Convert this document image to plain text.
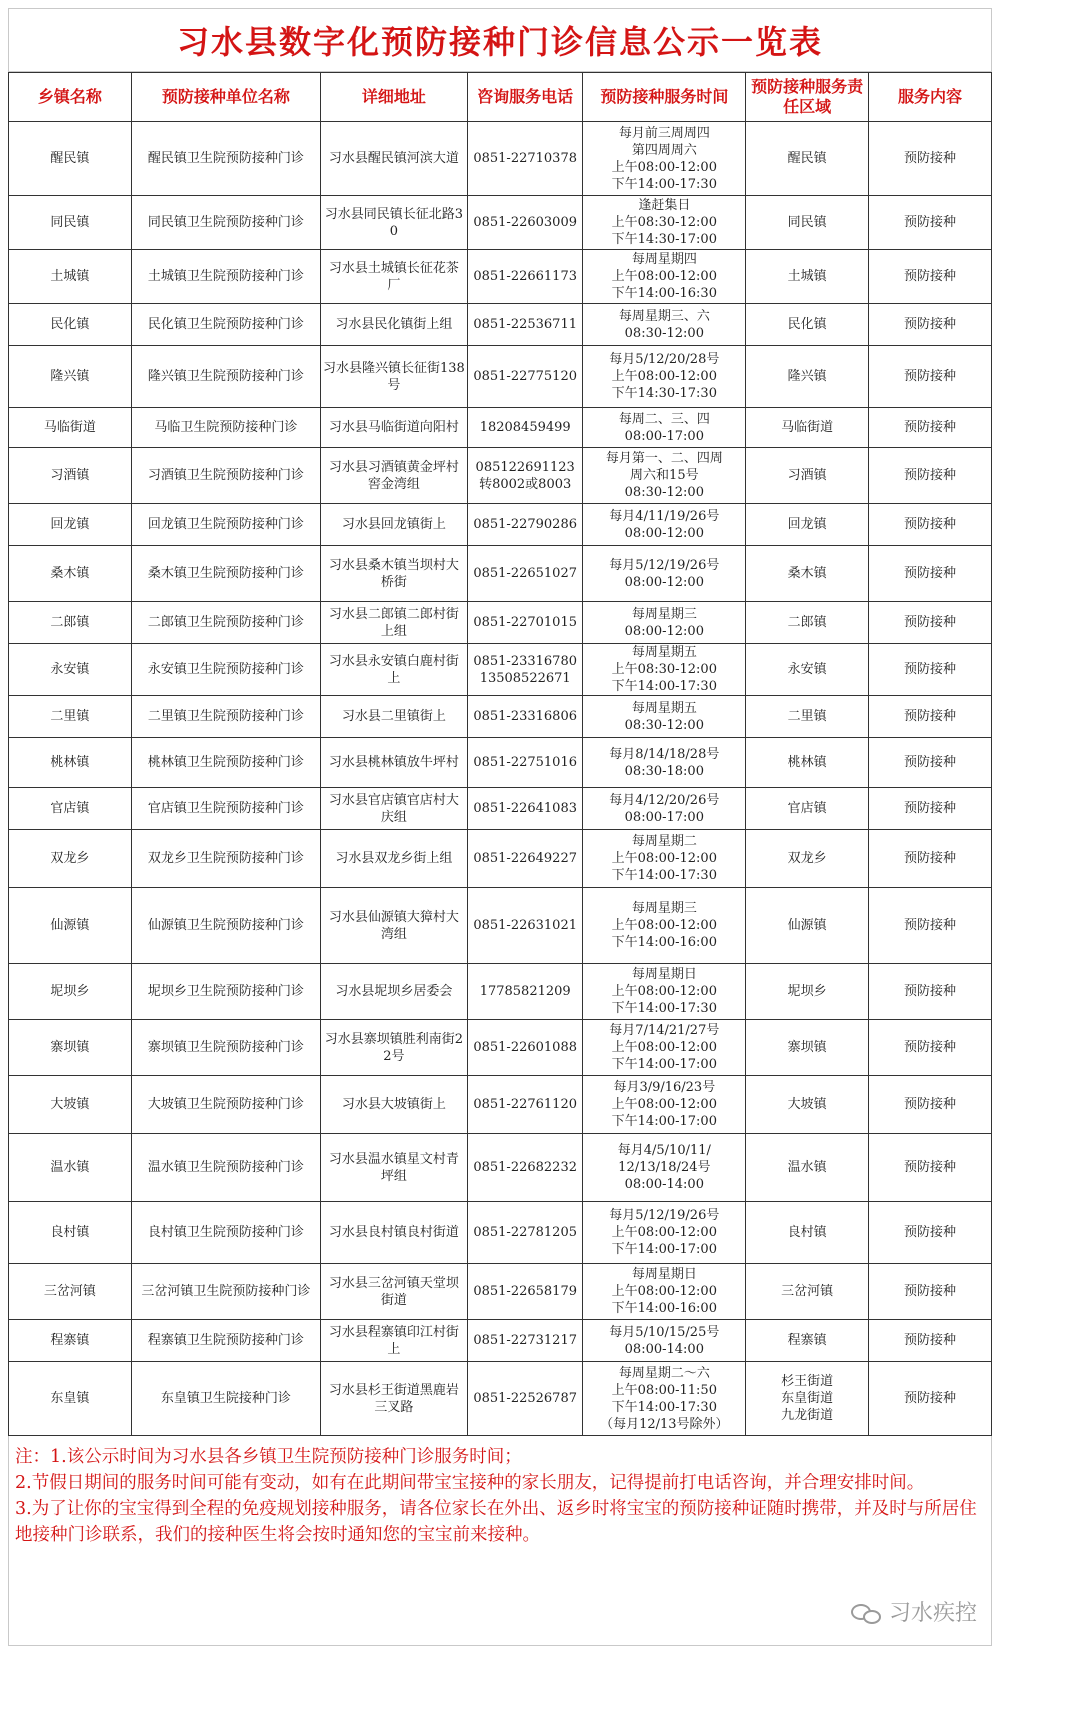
习水县数字化预防接种门诊信息公示一览表
乡镇名称	预防接种单位名称	详细地址	咨询服务电话	预防接种服务时间	预防接种服务责任区域	服务内容
醒民镇	醒民镇卫生院预防接种门诊	习水县醒民镇河滨大道	0851-22710378	每月前三周周四
第四周周六
上午08:00-12:00
下午14:00-17:30	醒民镇	预防接种
同民镇	同民镇卫生院预防接种门诊	习水县同民镇长征北路30	0851-22603009	逢赶集日
上午08:30-12:00
下午14:30-17:00	同民镇	预防接种
土城镇	土城镇卫生院预防接种门诊	习水县土城镇长征花茶厂	0851-22661173	每周星期四
上午08:00-12:00
下午14:00-16:30	土城镇	预防接种
民化镇	民化镇卫生院预防接种门诊	习水县民化镇街上组	0851-22536711	每周星期三、六
08:30-12:00	民化镇	预防接种
隆兴镇	隆兴镇卫生院预防接种门诊	习水县隆兴镇长征街138号	0851-22775120	每月5/12/20/28号
上午08:00-12:00
下午14:30-17:30	隆兴镇	预防接种
马临街道	马临卫生院预防接种门诊	习水县马临街道向阳村	18208459499	每周二、三、四
08:00-17:00	马临街道	预防接种
习酒镇	习酒镇卫生院预防接种门诊	习水县习酒镇黄金坪村窖金湾组	085122691123转8002或8003	每月第一、二、四周
周六和15号
08:30-12:00	习酒镇	预防接种
回龙镇	回龙镇卫生院预防接种门诊	习水县回龙镇街上	0851-22790286	每月4/11/19/26号
08:00-12:00	回龙镇	预防接种
桑木镇	桑木镇卫生院预防接种门诊	习水县桑木镇当坝村大桥街	0851-22651027	每月5/12/19/26号
08:00-12:00	桑木镇	预防接种
二郎镇	二郎镇卫生院预防接种门诊	习水县二郎镇二郎村街上组	0851-22701015	每周星期三
08:00-12:00	二郎镇	预防接种
永安镇	永安镇卫生院预防接种门诊	习水县永安镇白鹿村街上	0851-23316780 13508522671	每周星期五
上午08:30-12:00
下午14:00-17:30	永安镇	预防接种
二里镇	二里镇卫生院预防接种门诊	习水县二里镇街上	0851-23316806	每周星期五
08:30-12:00	二里镇	预防接种
桃林镇	桃林镇卫生院预防接种门诊	习水县桃林镇放牛坪村	0851-22751016	每月8/14/18/28号
08:30-18:00	桃林镇	预防接种
官店镇	官店镇卫生院预防接种门诊	习水县官店镇官店村大庆组	0851-22641083	每月4/12/20/26号
08:00-17:00	官店镇	预防接种
双龙乡	双龙乡卫生院预防接种门诊	习水县双龙乡街上组	0851-22649227	每周星期二
上午08:00-12:00
下午14:00-17:30	双龙乡	预防接种
仙源镇	仙源镇卫生院预防接种门诊	习水县仙源镇大獐村大湾组	0851-22631021	每周星期三
上午08:00-12:00
下午14:00-16:00	仙源镇	预防接种
坭坝乡	坭坝乡卫生院预防接种门诊	习水县坭坝乡居委会	17785821209	每周星期日
上午08:00-12:00
下午14:00-17:30	坭坝乡	预防接种
寨坝镇	寨坝镇卫生院预防接种门诊	习水县寨坝镇胜利南街22号	0851-22601088	每月7/14/21/27号
上午08:00-12:00
下午14:00-17:00	寨坝镇	预防接种
大坡镇	大坡镇卫生院预防接种门诊	习水县大坡镇街上	0851-22761120	每月3/9/16/23号
上午08:00-12:00
下午14:00-17:00	大坡镇	预防接种
温水镇	温水镇卫生院预防接种门诊	习水县温水镇星文村青坪组	0851-22682232	每月4/5/10/11/
12/13/18/24号
08:00-14:00	温水镇	预防接种
良村镇	良村镇卫生院预防接种门诊	习水县良村镇良村街道	0851-22781205	每月5/12/19/26号
上午08:00-12:00
下午14:00-17:00	良村镇	预防接种
三岔河镇	三岔河镇卫生院预防接种门诊	习水县三岔河镇天堂坝街道	0851-22658179	每周星期日
上午08:00-12:00
下午14:00-16:00	三岔河镇	预防接种
程寨镇	程寨镇卫生院预防接种门诊	习水县程寨镇印江村街上	0851-22731217	每月5/10/15/25号
08:00-14:00	程寨镇	预防接种
东皇镇	东皇镇卫生院接种门诊	习水县杉王街道黑鹿岩三叉路	0851-22526787	每周星期二～六
上午08:00-11:50
下午14:00-17:30
（每月12/13号除外）	杉王街道
东皇街道
九龙街道	预防接种

注：1.该公示时间为习水县各乡镇卫生院预防接种门诊服务时间；

2.节假日期间的服务时间可能有变动，如有在此期间带宝宝接种的家长朋友，记得提前打电话咨询，并合理安排时间。

3.为了让你的宝宝得到全程的免疫规划接种服务，请各位家长在外出、返乡时将宝宝的预防接种证随时携带，并及时与所居住地接种门诊联系，我们的接种医生将会按时通知您的宝宝前来接种。

习水疾控
